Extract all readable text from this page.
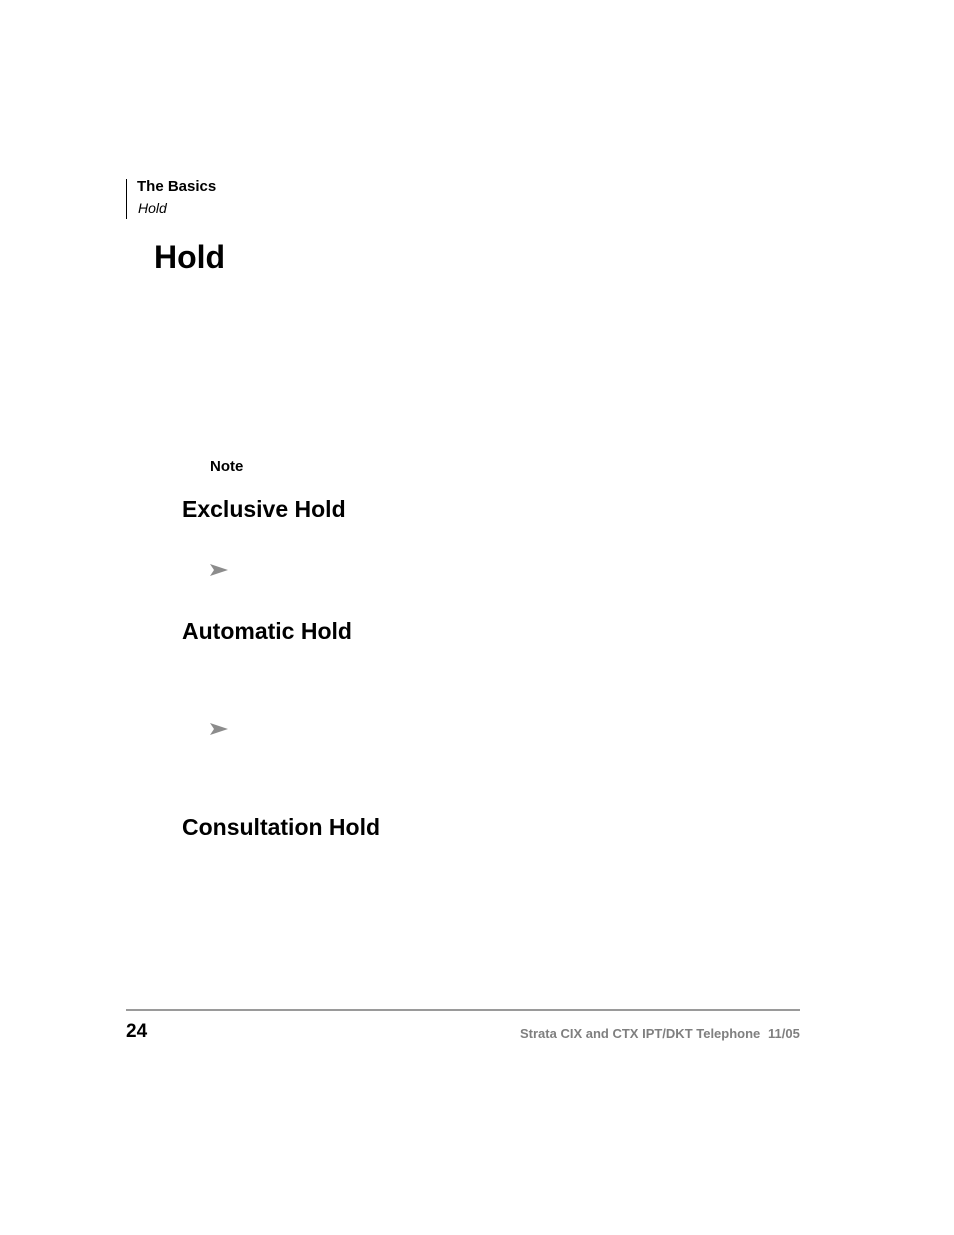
The Basics
Hold
Hold
Note
Exclusive Hold
Automatic Hold
Consultation Hold
24	Strata CIX and CTX IPT/DKT Telephone 11/05
